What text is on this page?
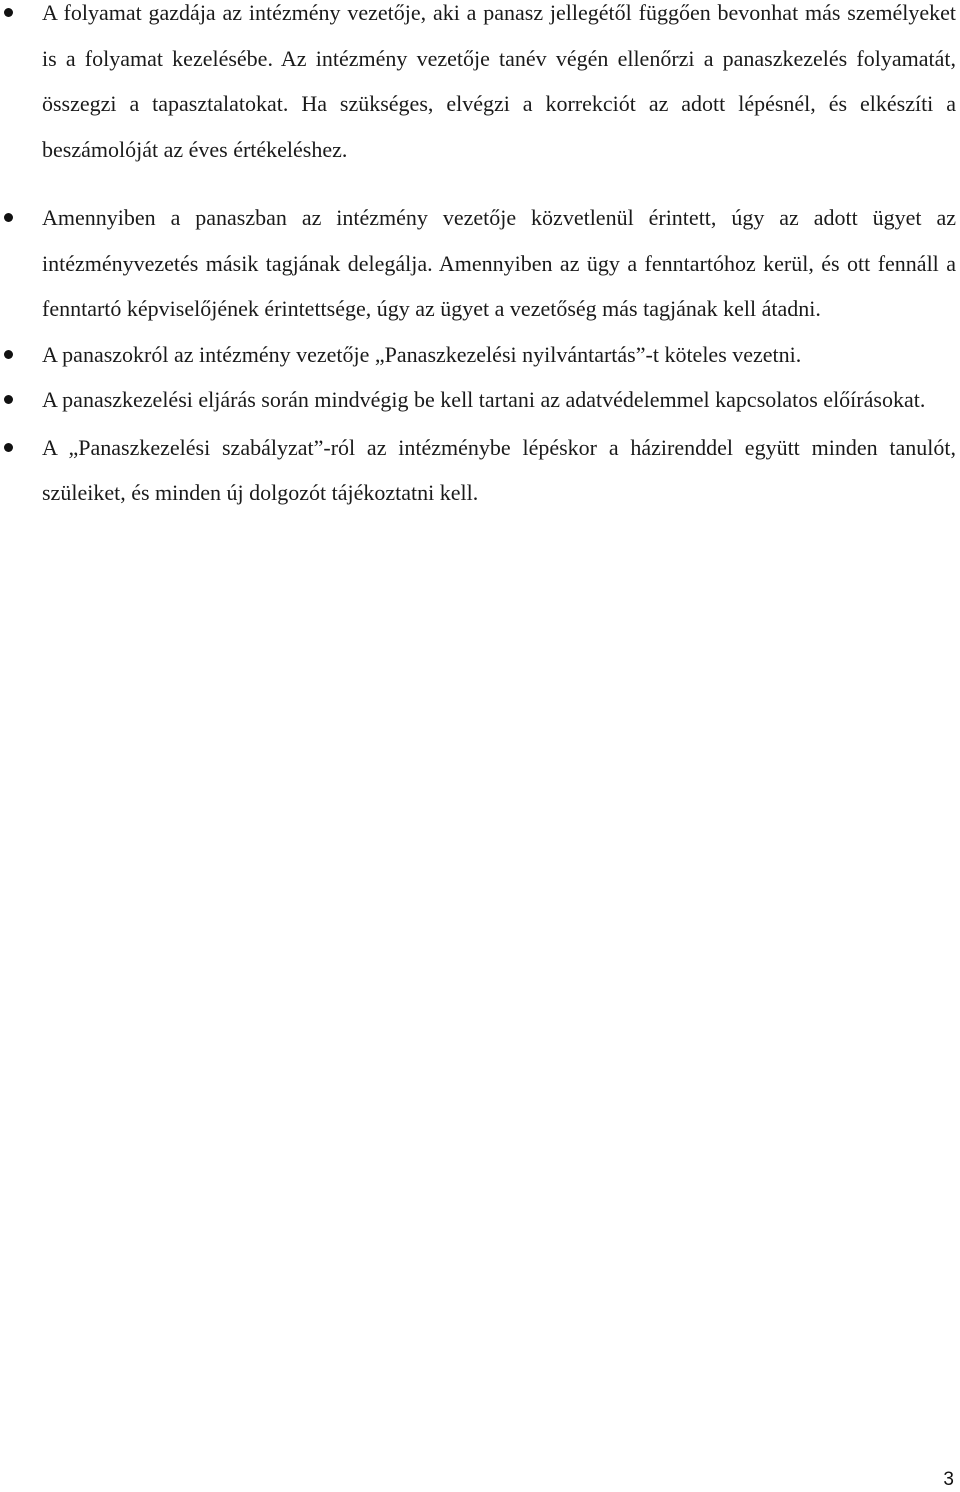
A folyamat gazdája az intézmény vezetője, aki a panasz jellegétől függően bevonhat más személyeket is a folyamat kezelésébe. Az intézmény vezetője tanév végén ellenőrzi a panaszkezelés folyamatát, összegzi a tapasztalatokat. Ha szükséges, elvégzi a korrekciót az adott lépésnél, és elkészíti a beszámolóját az éves értékeléshez.
Amennyiben a panaszban az intézmény vezetője közvetlenül érintett, úgy az adott ügyet az intézményvezetés másik tagjának delegálja. Amennyiben az ügy a fenntartóhoz kerül, és ott fennáll a fenntartó képviselőjének érintettsége, úgy az ügyet a vezetőség más tagjának kell átadni.
A panaszokról az intézmény vezetője „Panaszkezelési nyilvántartás”-t köteles vezetni.
A panaszkezelési eljárás során mindvégig be kell tartani az adatvédelemmel kapcsolatos előírásokat.
A „Panaszkezelési szabályzat”-ról az intézménybe lépéskor a házirenddel együtt minden tanulót, szüleiket, és minden új dolgozót tájékoztatni kell.
3
